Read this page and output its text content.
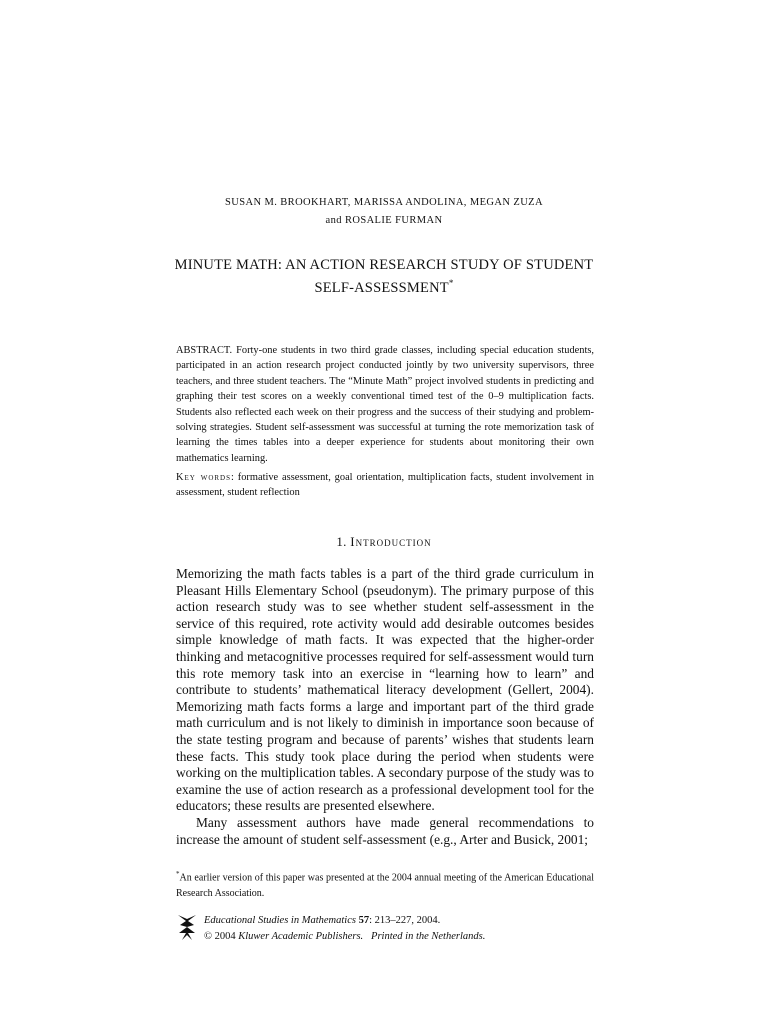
SUSAN M. BROOKHART, MARISSA ANDOLINA, MEGAN ZUZA
and ROSALIE FURMAN
MINUTE MATH: AN ACTION RESEARCH STUDY OF STUDENT
SELF-ASSESSMENT*
ABSTRACT. Forty-one students in two third grade classes, including special education students, participated in an action research project conducted jointly by two university supervisors, three teachers, and three student teachers. The “Minute Math” project involved students in predicting and graphing their test scores on a weekly conventional timed test of the 0–9 multiplication facts. Students also reflected each week on their progress and the success of their studying and problem-solving strategies. Student self-assessment was successful at turning the rote memorization task of learning the times tables into a deeper experience for students about monitoring their own mathematics learning.
Key words: formative assessment, goal orientation, multiplication facts, student involvement in assessment, student reflection
1. Introduction

Memorizing the math facts tables is a part of the third grade curriculum in Pleasant Hills Elementary School (pseudonym). The primary purpose of this action research study was to see whether student self-assessment in the service of this required, rote activity would add desirable outcomes besides simple knowledge of math facts. It was expected that the higher-order thinking and metacognitive processes required for self-assessment would turn this rote memory task into an exercise in “learning how to learn” and contribute to students’ mathematical literacy development (Gellert, 2004). Memorizing math facts forms a large and important part of the third grade math curriculum and is not likely to diminish in importance soon because of the state testing program and because of parents’ wishes that students learn these facts. This study took place during the period when students were working on the multiplication tables. A secondary purpose of the study was to examine the use of action research as a professional development tool for the educators; these results are presented elsewhere.

Many assessment authors have made general recommendations to increase the amount of student self-assessment (e.g., Arter and Busick, 2001;

*An earlier version of this paper was presented at the 2004 annual meeting of the American Educational Research Association.
Educational Studies in Mathematics 57: 213–227, 2004.
© 2004 Kluwer Academic Publishers. Printed in the Netherlands.
